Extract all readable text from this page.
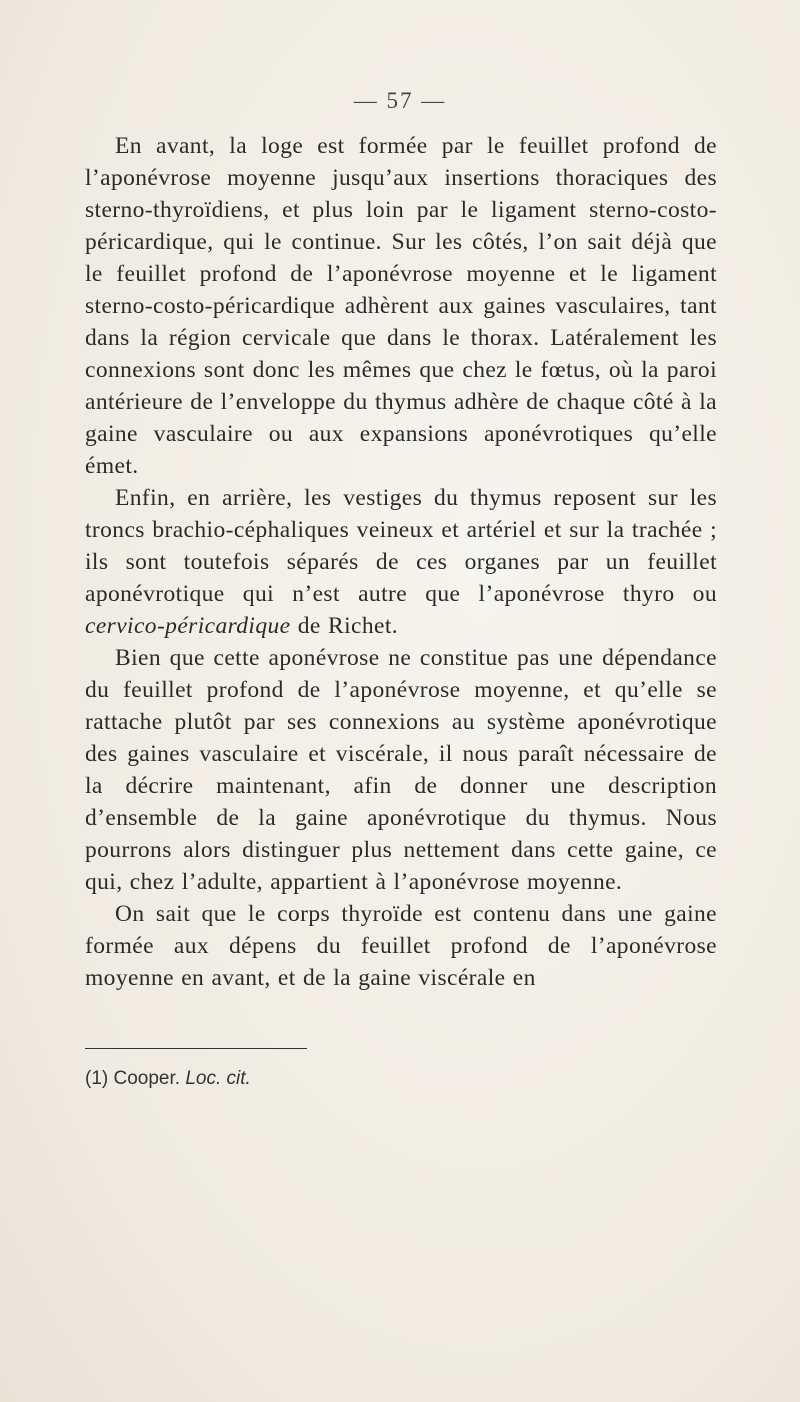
— 57 —

En avant, la loge est formée par le feuillet profond de l’aponévrose moyenne jusqu’aux insertions thoraciques des sterno-thyroïdiens, et plus loin par le ligament sterno-costo-péricardique, qui le continue. Sur les côtés, l’on sait déjà que le feuillet profond de l’aponévrose moyenne et le ligament sterno-costo-péricardique adhèrent aux gaines vasculaires, tant dans la région cervicale que dans le thorax. Latéralement les connexions sont donc les mêmes que chez le fœtus, où la paroi antérieure de l’enveloppe du thymus adhère de chaque côté à la gaine vasculaire ou aux expansions aponévrotiques qu’elle émet.

Enfin, en arrière, les vestiges du thymus reposent sur les troncs brachio-céphaliques veineux et artériel et sur la trachée ; ils sont toutefois séparés de ces organes par un feuillet aponévrotique qui n’est autre que l’aponévrose thyro ou cervico-péricardique de Richet.

Bien que cette aponévrose ne constitue pas une dépendance du feuillet profond de l’aponévrose moyenne, et qu’elle se rattache plutôt par ses connexions au système aponévrotique des gaines vasculaire et viscérale, il nous paraît nécessaire de la décrire maintenant, afin de donner une description d’ensemble de la gaine aponévrotique du thymus. Nous pourrons alors distinguer plus nettement dans cette gaine, ce qui, chez l’adulte, appartient à l’aponévrose moyenne.

On sait que le corps thyroïde est contenu dans une gaine formée aux dépens du feuillet profond de l’aponévrose moyenne en avant, et de la gaine viscérale en

(1) Cooper. Loc. cit.
